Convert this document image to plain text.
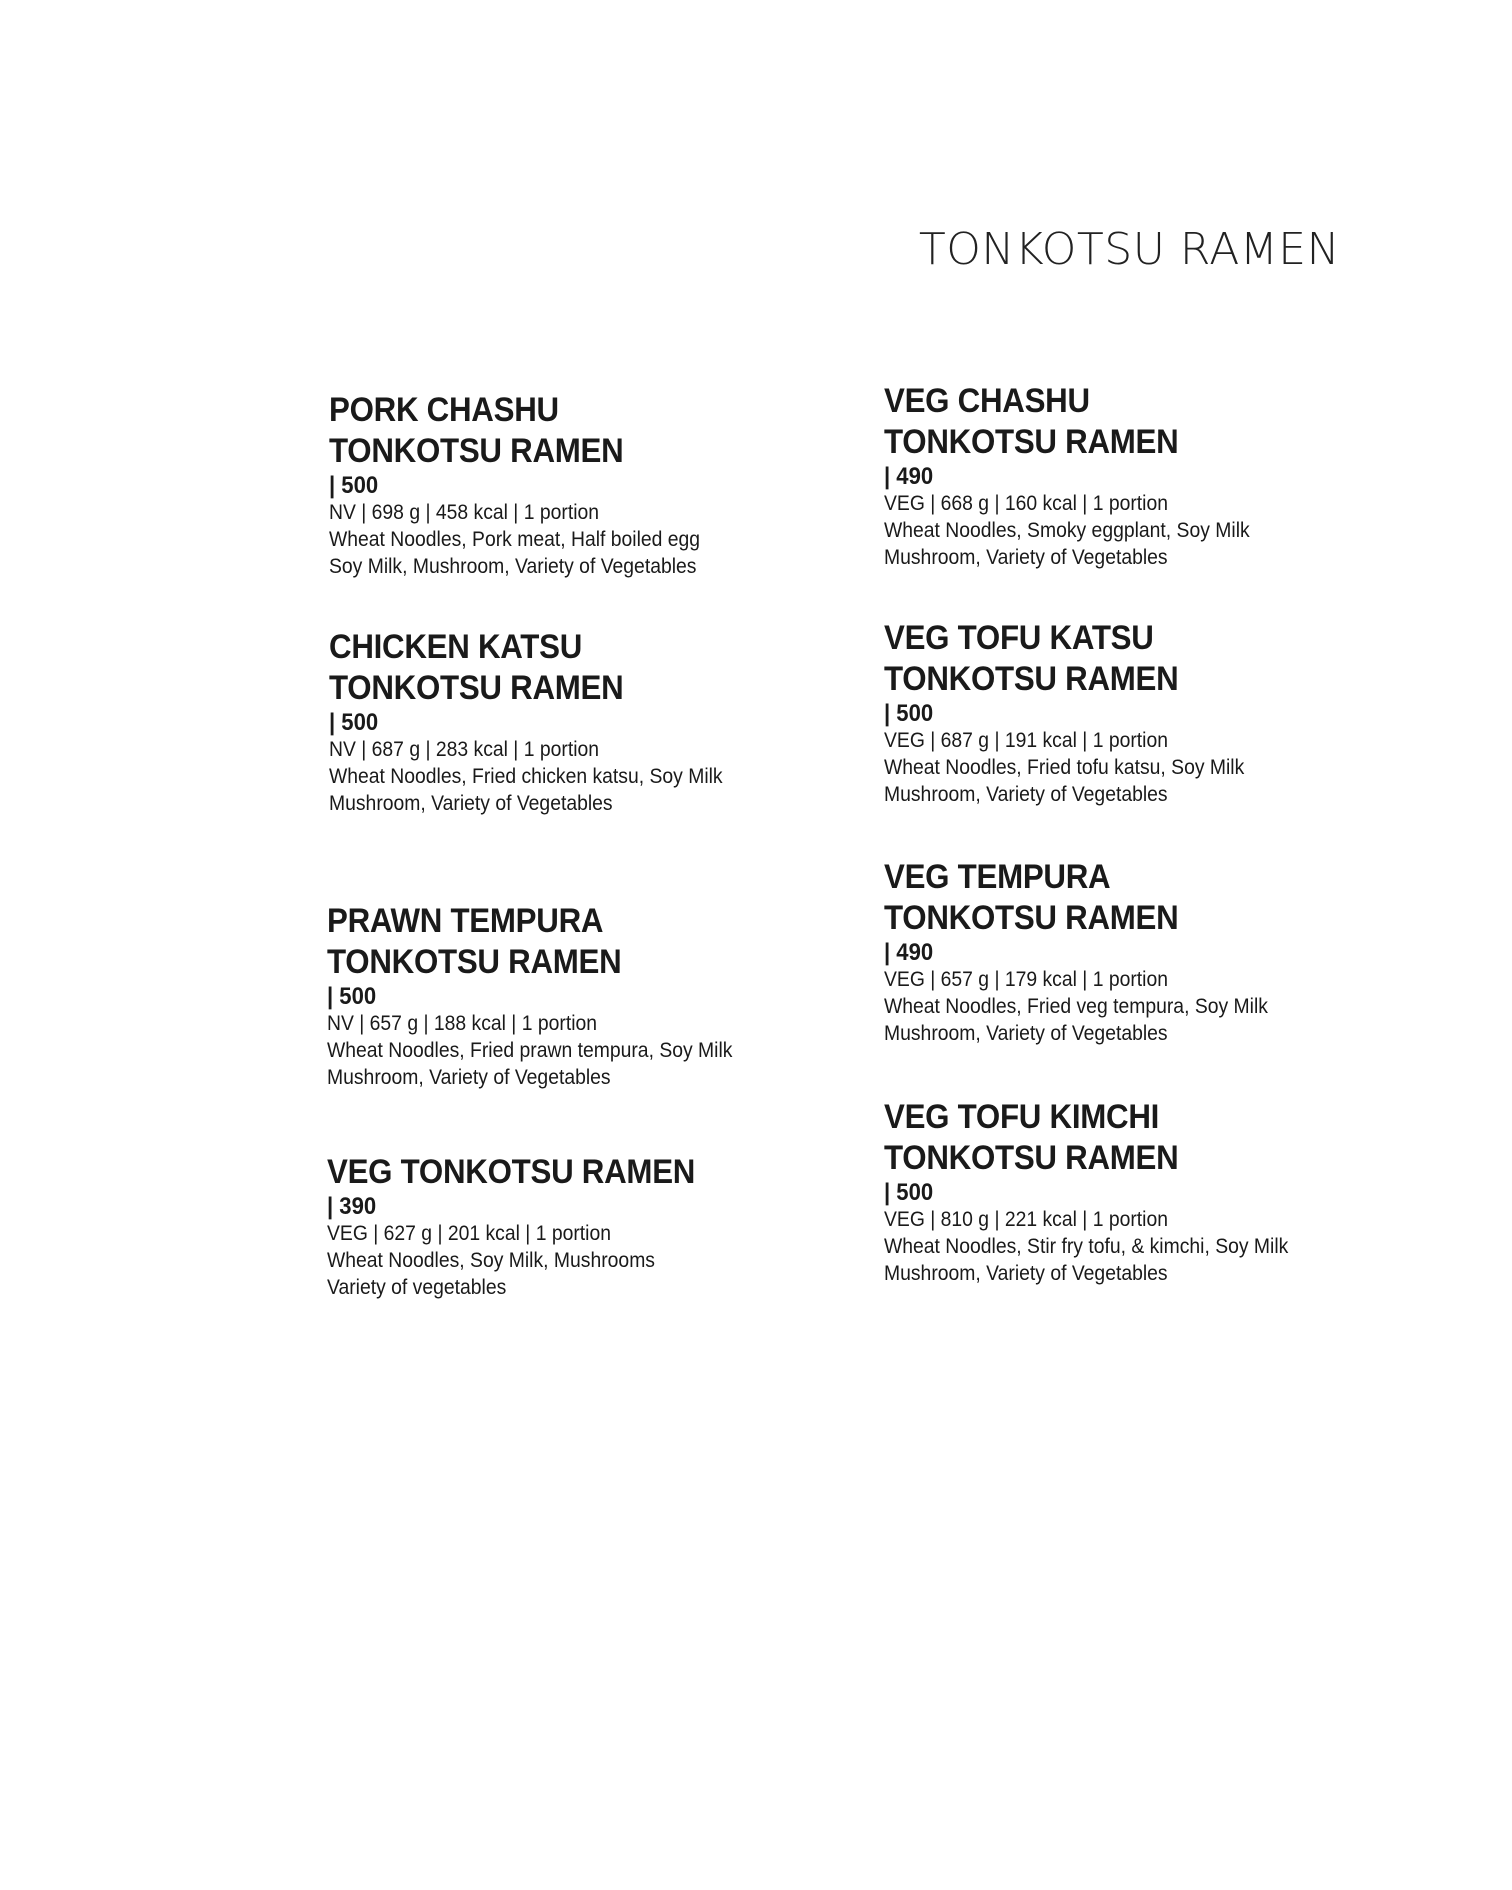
TONKOTSU RAMEN
PORK CHASHU
TONKOTSU RAMEN
| 500
NV | 698 g | 458 kcal | 1 portion
Wheat Noodles, Pork meat, Half boiled egg
Soy Milk, Mushroom, Variety of Vegetables
CHICKEN KATSU
TONKOTSU RAMEN
| 500
NV | 687 g | 283 kcal | 1 portion
Wheat Noodles, Fried chicken katsu, Soy Milk
Mushroom, Variety of Vegetables
PRAWN TEMPURA
TONKOTSU RAMEN
| 500
NV | 657 g | 188 kcal | 1 portion
Wheat Noodles, Fried prawn tempura, Soy Milk
Mushroom, Variety of Vegetables
VEG TONKOTSU RAMEN
| 390
VEG | 627 g | 201 kcal | 1 portion
Wheat Noodles, Soy Milk, Mushrooms
Variety of vegetables
VEG CHASHU
TONKOTSU RAMEN
| 490
VEG | 668 g | 160 kcal | 1 portion
Wheat Noodles, Smoky eggplant, Soy Milk
Mushroom, Variety of Vegetables
VEG TOFU KATSU
TONKOTSU RAMEN
| 500
VEG | 687 g | 191 kcal | 1 portion
Wheat Noodles, Fried tofu katsu, Soy Milk
Mushroom, Variety of Vegetables
VEG TEMPURA
TONKOTSU RAMEN
| 490
VEG | 657 g | 179 kcal | 1 portion
Wheat Noodles, Fried veg tempura, Soy Milk
Mushroom, Variety of Vegetables
VEG TOFU KIMCHI
TONKOTSU RAMEN
| 500
VEG | 810 g | 221 kcal | 1 portion
Wheat Noodles, Stir fry tofu, & kimchi, Soy Milk
Mushroom, Variety of Vegetables
